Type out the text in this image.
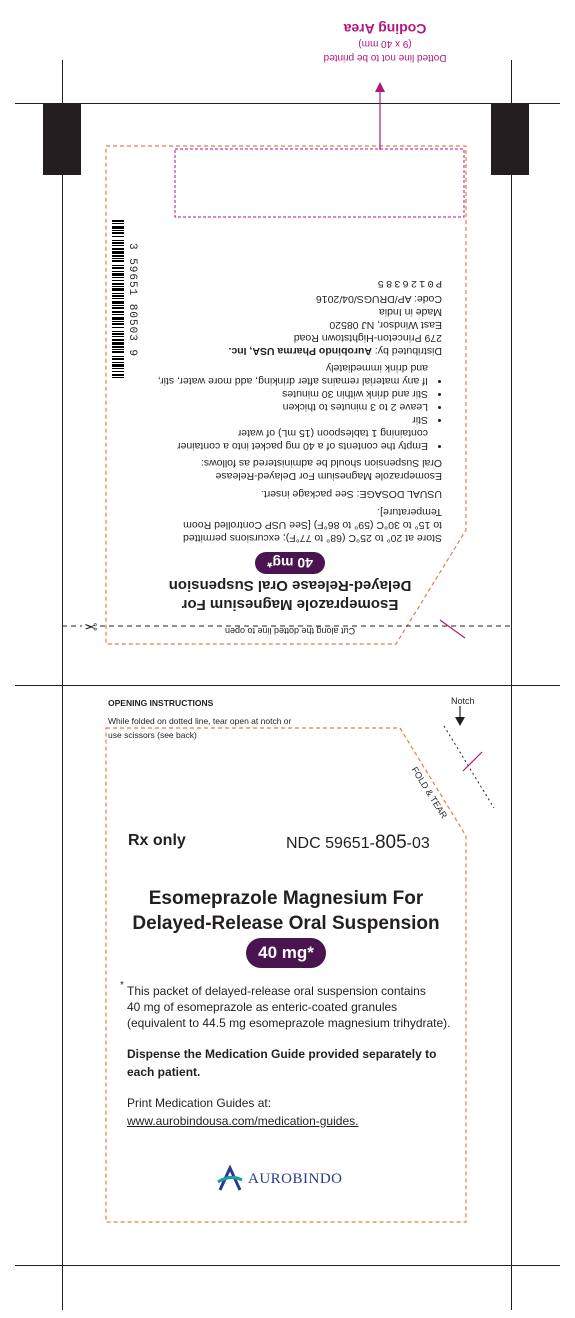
✂
Dotted line not to be printed
(9 x 40 mm)
Coding Area
Cut along the dotted line to open
Esomeprazole Magnesium For
Delayed-Release Oral Suspension
40 mg*
Store at 20° to 25°C (68° to 77°F); excursions permitted
to 15° to 30°C (59° to 86°F) [See USP Controlled Room
Temperature].
USUAL DOSAGE: See package insert.
Esomeprazole Magnesium For Delayed-Release
Oral Suspension should be administered as follows:
• Empty the contents of a 40 mg packet into a container containing 1 tablespoon (15 mL) of water
• Stir
• Leave 2 to 3 minutes to thicken
• Stir and drink within 30 minutes
• If any material remains after drinking, add more water, stir, and drink immediately
Distributed by: Aurobindo Pharma USA, Inc.
279 Princeton-Hightstown Road
East Windsor, NJ 08520
Made in India
Code: AP/DRUGS/04/2016
P0126385
3 59651 80503 9
OPENING INSTRUCTIONS
While folded on dotted line, tear open at notch or
use scissors (see back)
Notch
FOLD & TEAR
Rx only	NDC 59651-805-03
Esomeprazole Magnesium For
Delayed-Release Oral Suspension
40 mg*
* This packet of delayed-release oral suspension contains
40 mg of esomeprazole as enteric-coated granules
(equivalent to 44.5 mg esomeprazole magnesium trihydrate).
Dispense the Medication Guide provided separately to
each patient.
Print Medication Guides at:
www.aurobindousa.com/medication-guides.
AUROBINDO
